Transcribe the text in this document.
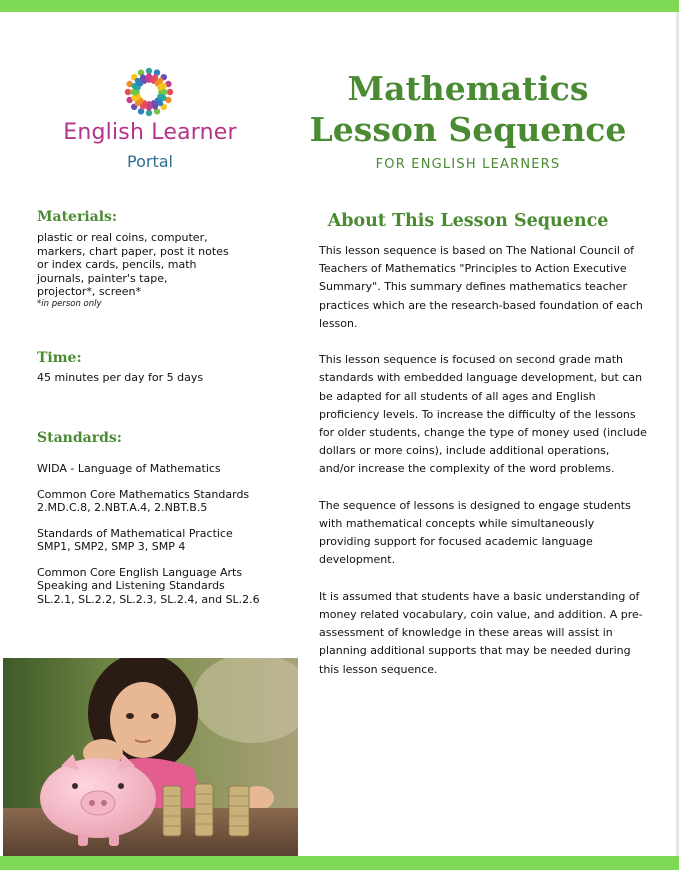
English Learner
Portal
Mathematics
Lesson Sequence
FOR ENGLISH LEARNERS
Materials:
plastic or real coins, computer,
markers, chart paper, post it notes
or index cards, pencils, math
journals, painter's tape,
projector*, screen*
*in person only
Time:
45 minutes per day for 5 days
Standards:
WIDA - Language of Mathematics
Common Core Mathematics Standards
2.MD.C.8, 2.NBT.A.4, 2.NBT.B.5
Standards of Mathematical Practice
SMP1, SMP2, SMP 3, SMP 4
Common Core English Language Arts
Speaking and Listening Standards
SL.2.1, SL.2.2, SL.2.3, SL.2.4, and SL.2.6
About This Lesson Sequence

This lesson sequence is based on The National Council of
Teachers of Mathematics "Principles to Action Executive
Summary". This summary defines mathematics teacher
practices which are the research-based foundation of each
lesson.

This lesson sequence is focused on second grade math
standards with embedded language development, but can
be adapted for all students of all ages and English
proficiency levels. To increase the difficulty of the lessons
for older students, change the type of money used (include
dollars or more coins), include additional operations,
and/or increase the complexity of the word problems.

The sequence of lessons is designed to engage students
with mathematical concepts while simultaneously
providing support for focused academic language
development.

It is assumed that students have a basic understanding of
money related vocabulary, coin value, and addition. A pre-
assessment of knowledge in these areas will assist in
planning additional supports that may be needed during
this lesson sequence.
